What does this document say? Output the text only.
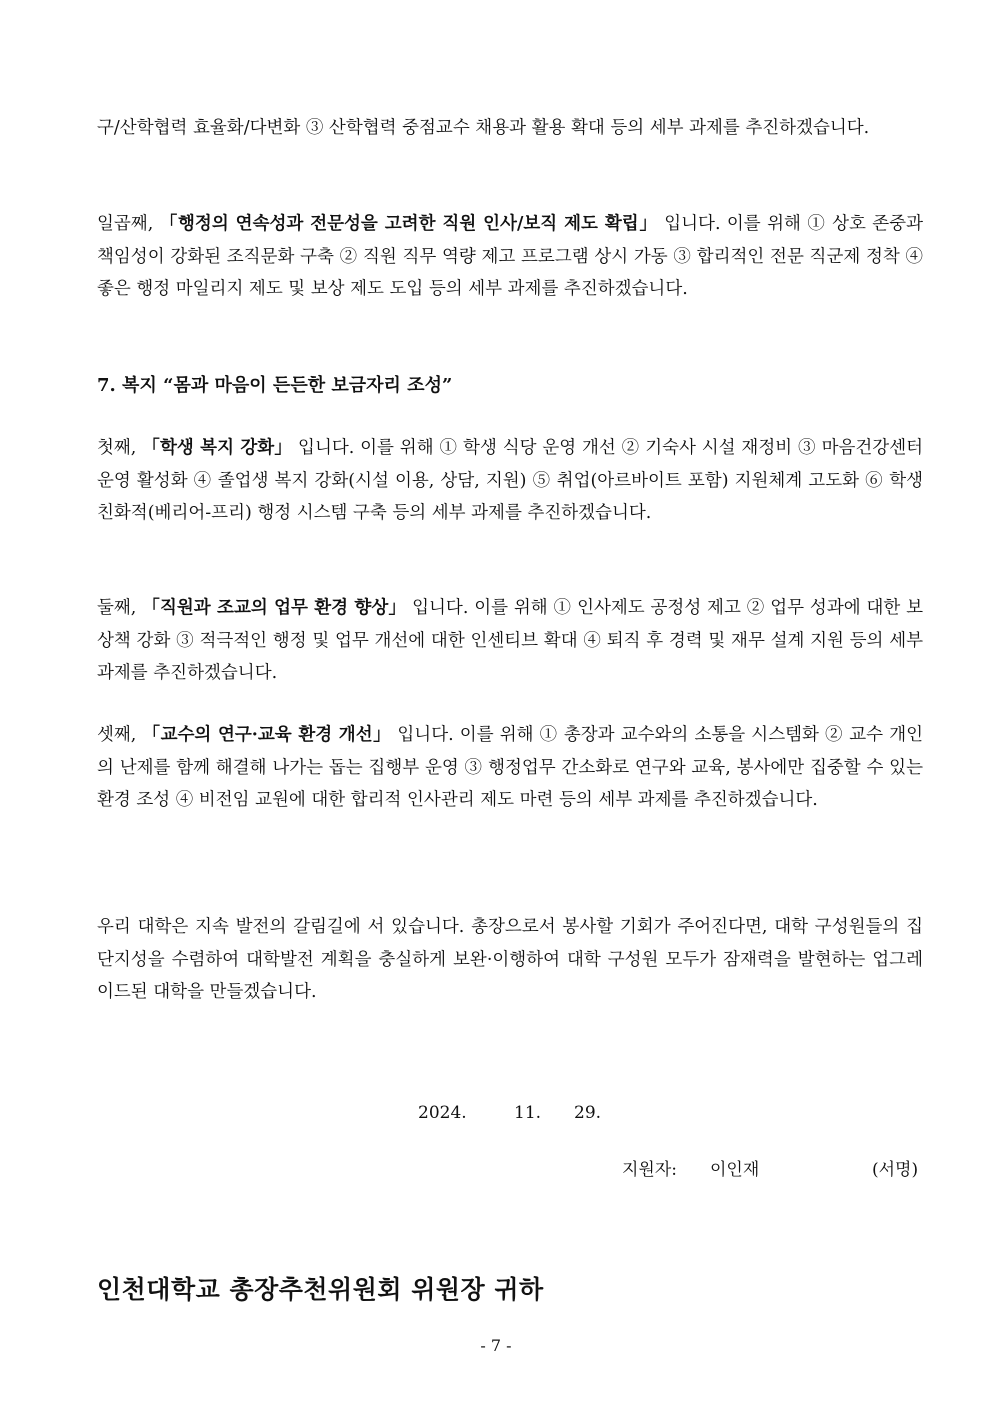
구/산학협력 효율화/다변화 ③ 산학협력 중점교수 채용과 활용 확대 등의 세부 과제를 추진하겠습니다.

일곱째, 「행정의 연속성과 전문성을 고려한 직원 인사/보직 제도 확립」 입니다. 이를 위해 ① 상호 존중과 책임성이 강화된 조직문화 구축 ② 직원 직무 역량 제고 프로그램 상시 가동 ③ 합리적인 전문 직군제 정착 ④ 좋은 행정 마일리지 제도 및 보상 제도 도입 등의 세부 과제를 추진하겠습니다.

7. 복지 “몸과 마음이 든든한 보금자리 조성”

첫째, 「학생 복지 강화」 입니다. 이를 위해 ① 학생 식당 운영 개선 ② 기숙사 시설 재정비 ③ 마음건강센터 운영 활성화 ④ 졸업생 복지 강화(시설 이용, 상담, 지원) ⑤ 취업(아르바이트 포함) 지원체계 고도화 ⑥ 학생 친화적(베리어-프리) 행정 시스템 구축 등의 세부 과제를 추진하겠습니다.

둘째, 「직원과 조교의 업무 환경 향상」 입니다. 이를 위해 ① 인사제도 공정성 제고 ② 업무 성과에 대한 보상책 강화 ③ 적극적인 행정 및 업무 개선에 대한 인센티브 확대 ④ 퇴직 후 경력 및 재무 설계 지원 등의 세부 과제를 추진하겠습니다.

셋째, 「교수의 연구·교육 환경 개선」 입니다. 이를 위해 ① 총장과 교수와의 소통을 시스템화 ② 교수 개인의 난제를 함께 해결해 나가는 돕는 집행부 운영 ③ 행정업무 간소화로 연구와 교육, 봉사에만 집중할 수 있는 환경 조성 ④ 비전임 교원에 대한 합리적 인사관리 제도 마련 등의 세부 과제를 추진하겠습니다.

우리 대학은 지속 발전의 갈림길에 서 있습니다. 총장으로서 봉사할 기회가 주어진다면, 대학 구성원들의 집단지성을 수렴하여 대학발전 계획을 충실하게 보완·이행하여 대학 구성원 모두가 잠재력을 발현하는 업그레이드된 대학을 만들겠습니다.

2024.	11. 29.
지원자: 이인재	(서명)

인천대학교 총장추천위원회 위원장 귀하

- 7 -
